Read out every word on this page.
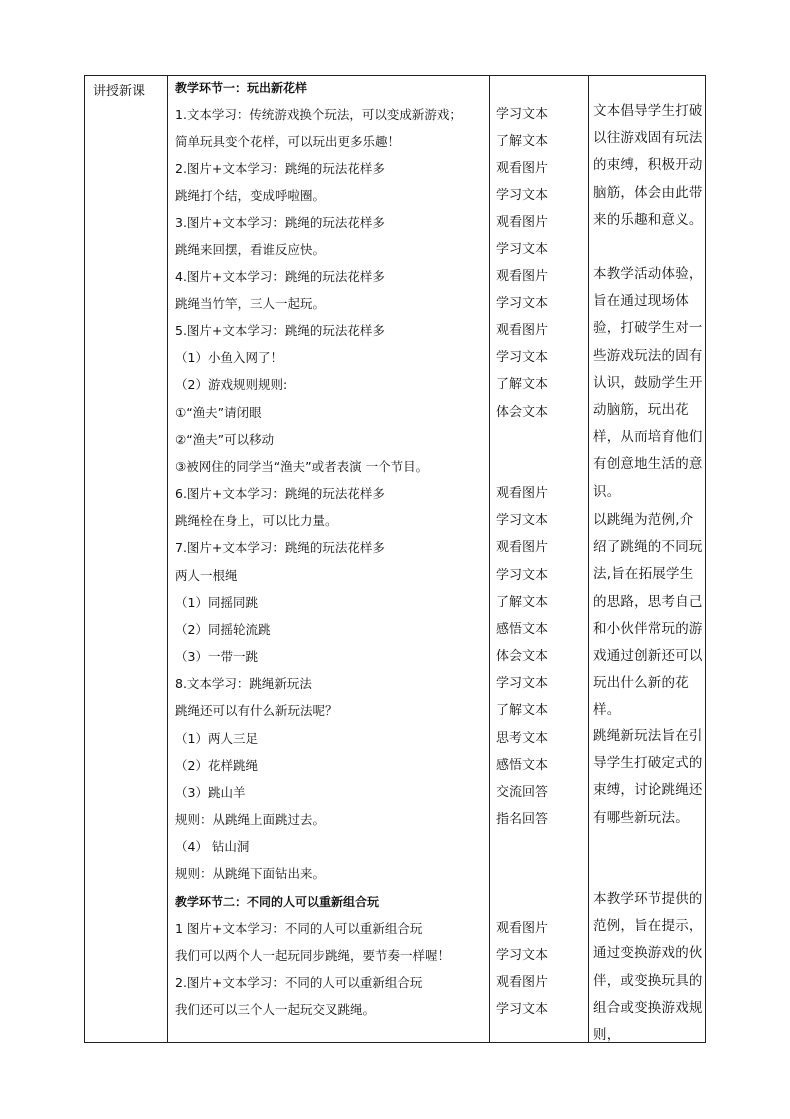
讲授新课 教学环节一：玩出新花样
1.文本学习：传统游戏换个玩法，可以变成新游戏；
简单玩具变个花样，可以玩出更多乐趣！
2.图片+文本学习：跳绳的玩法花样多
跳绳打个结，变成呼啦圈。
3.图片+文本学习：跳绳的玩法花样多
跳绳来回摆，看谁反应快。
4.图片+文本学习：跳绳的玩法花样多
跳绳当竹竿，三人一起玩。
5.图片+文本学习：跳绳的玩法花样多
（1）小鱼入网了！
（2）游戏规则规则:
①“渔夫”请闭眼
②“渔夫”可以移动
③被网住的同学当“渔夫”或者表演 一个节目。
6.图片+文本学习：跳绳的玩法花样多
跳绳栓在身上，可以比力量。
7.图片+文本学习：跳绳的玩法花样多
两人一根绳
（1）同摇同跳
（2）同摇轮流跳
（3）一带一跳
8.文本学习：跳绳新玩法
跳绳还可以有什么新玩法呢？
（1）两人三足
（2）花样跳绳
（3）跳山羊
规则：从跳绳上面跳过去。
（4） 钻山洞
规则：从跳绳下面钻出来。
教学环节二：不同的人可以重新组合玩
1 图片+文本学习：不同的人可以重新组合玩
我们可以两个人一起玩同步跳绳，要节奏一样喔！
2.图片+文本学习：不同的人可以重新组合玩
我们还可以三个人一起玩交叉跳绳。
学习文本
了解文本
观看图片
学习文本
观看图片
学习文本
观看图片
学习文本
观看图片
学习文本
了解文本
体会文本
观看图片
学习文本
观看图片
学习文本
了解文本
感悟文本
体会文本
学习文本
了解文本
思考文本
感悟文本
交流回答
指名回答
观看图片
学习文本
观看图片
学习文本
文本倡导学生打破以往游戏固有玩法的束缚，积极开动脑筋，体会由此带来的乐趣和意义。
本教学活动体验，旨在通过现场体验，打破学生对一些游戏玩法的固有认识，鼓励学生开动脑筋，玩出花样，从而培育他们有创意地生活的意识。
以跳绳为范例,介绍了跳绳的不同玩法,旨在拓展学生的思路，思考自己和小伙伴常玩的游戏通过创新还可以玩出什么新的花样。
跳绳新玩法旨在引导学生打破定式的束缚，讨论跳绳还有哪些新玩法。
本教学环节提供的范例，旨在提示，通过变换游戏的伙伴，或变换玩具的组合或变换游戏规则，
